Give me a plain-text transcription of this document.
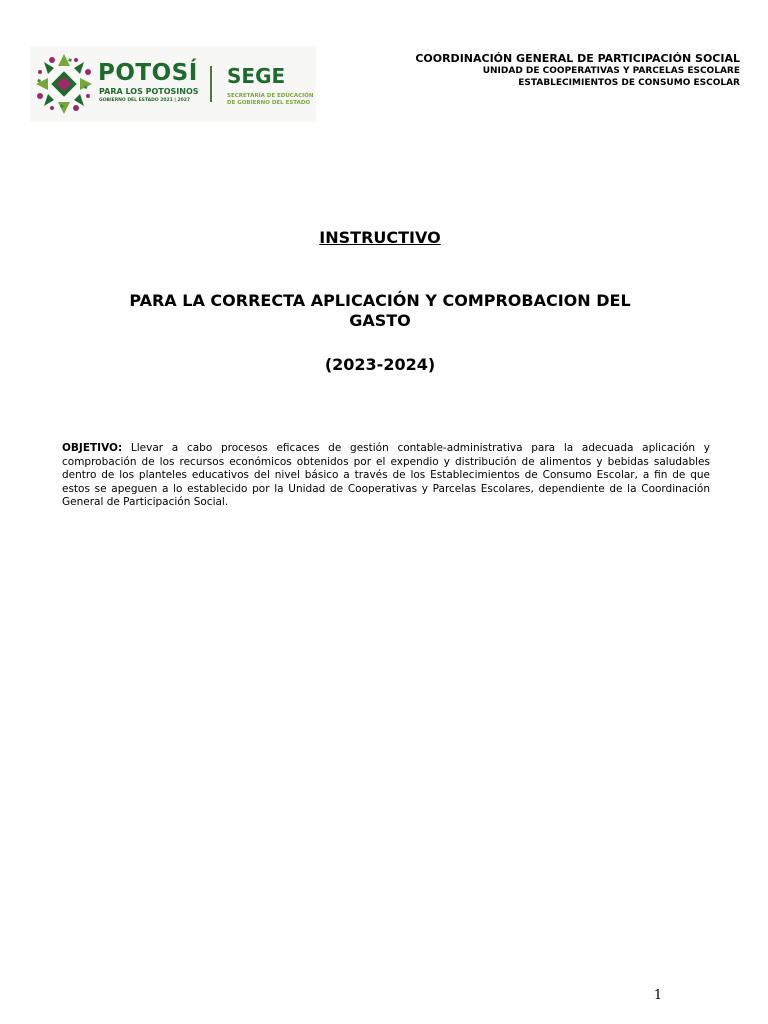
POTOSÍ
PARA LOS POTOSINOS
GOBIERNO DEL ESTADO 2021 | 2027
SEGE
SECRETARÍA DE EDUCACIÓN
DE GOBIERNO DEL ESTADO
COORDINACIÓN GENERAL DE PARTICIPACIÓN SOCIAL
UNIDAD DE COOPERATIVAS Y PARCELAS ESCOLARE
ESTABLECIMIENTOS DE CONSUMO ESCOLAR
INSTRUCTIVO
PARA LA CORRECTA APLICACIÓN Y COMPROBACION DEL GASTO
(2023-2024)
OBJETIVO: Llevar a cabo procesos eficaces de gestión contable-administrativa para la adecuada aplicación y comprobación de los recursos económicos obtenidos por el expendio y distribución de alimentos y bebidas saludables dentro de los planteles educativos del nivel básico a través de los Establecimientos de Consumo Escolar, a fin de que estos se apeguen a lo establecido por la Unidad de Cooperativas y Parcelas Escolares, dependiente de la Coordinación General de Participación Social.
1
